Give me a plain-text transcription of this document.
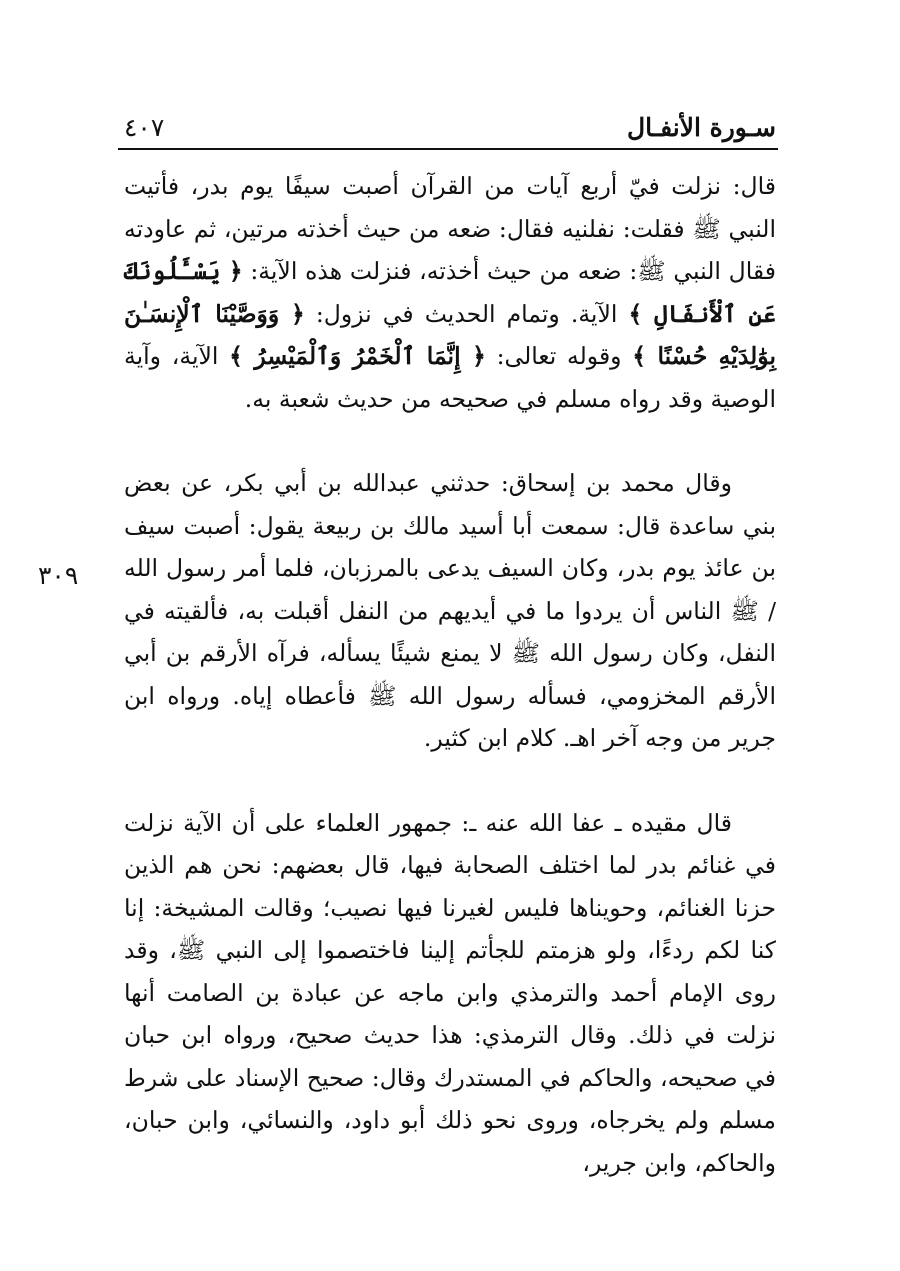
سـورة الأنفـال
٤٠٧
٣٠٩

قال: نزلت فيّ أربع آيات من القرآن أصبت سيفًا يوم بدر، فأتيت النبي ﷺ فقلت: نفلنيه فقال: ضعه من حيث أخذته مرتين، ثم عاودته فقال النبي ﷺ: ضعه من حيث أخذته، فنزلت هذه الآية: ﴿ يَسْـَٔلُونَكَ عَنِ ٱلْأَنفَالِ ﴾ الآية. وتمام الحديث في نزول: ﴿ وَوَصَّيْنَا ٱلْإِنسَـٰنَ بِوَٰلِدَيْهِ حُسْنًا ﴾ وقوله تعالى: ﴿ إِنَّمَا ٱلْخَمْرُ وَٱلْمَيْسِرُ ﴾ الآية، وآية الوصية وقد رواه مسلم في صحيحه من حديث شعبة به.

وقال محمد بن إسحاق: حدثني عبدالله بن أبي بكر، عن بعض بني ساعدة قال: سمعت أبا أسيد مالك بن ربيعة يقول: أصبت سيف بن عائذ يوم بدر، وكان السيف يدعى بالمرزبان، فلما أمر رسول الله / ﷺ الناس أن يردوا ما في أيديهم من النفل أقبلت به، فألقيته في النفل، وكان رسول الله ﷺ لا يمنع شيئًا يسأله، فرآه الأرقم بن أبي الأرقم المخزومي، فسأله رسول الله ﷺ فأعطاه إياه. ورواه ابن جرير من وجه آخر اهـ. كلام ابن كثير.

قال مقيده ـ عفا الله عنه ـ: جمهور العلماء على أن الآية نزلت في غنائم بدر لما اختلف الصحابة فيها، قال بعضهم: نحن هم الذين حزنا الغنائم، وحويناها فليس لغيرنا فيها نصيب؛ وقالت المشيخة: إنا كنا لكم ردءًا، ولو هزمتم للجأتم إلينا فاختصموا إلى النبي ﷺ، وقد روى الإمام أحمد والترمذي وابن ماجه عن عبادة بن الصامت أنها نزلت في ذلك. وقال الترمذي: هذا حديث صحيح، ورواه ابن حبان في صحيحه، والحاكم في المستدرك وقال: صحيح الإسناد على شرط مسلم ولم يخرجاه، وروى نحو ذلك أبو داود، والنسائي، وابن حبان، والحاكم، وابن جرير،
